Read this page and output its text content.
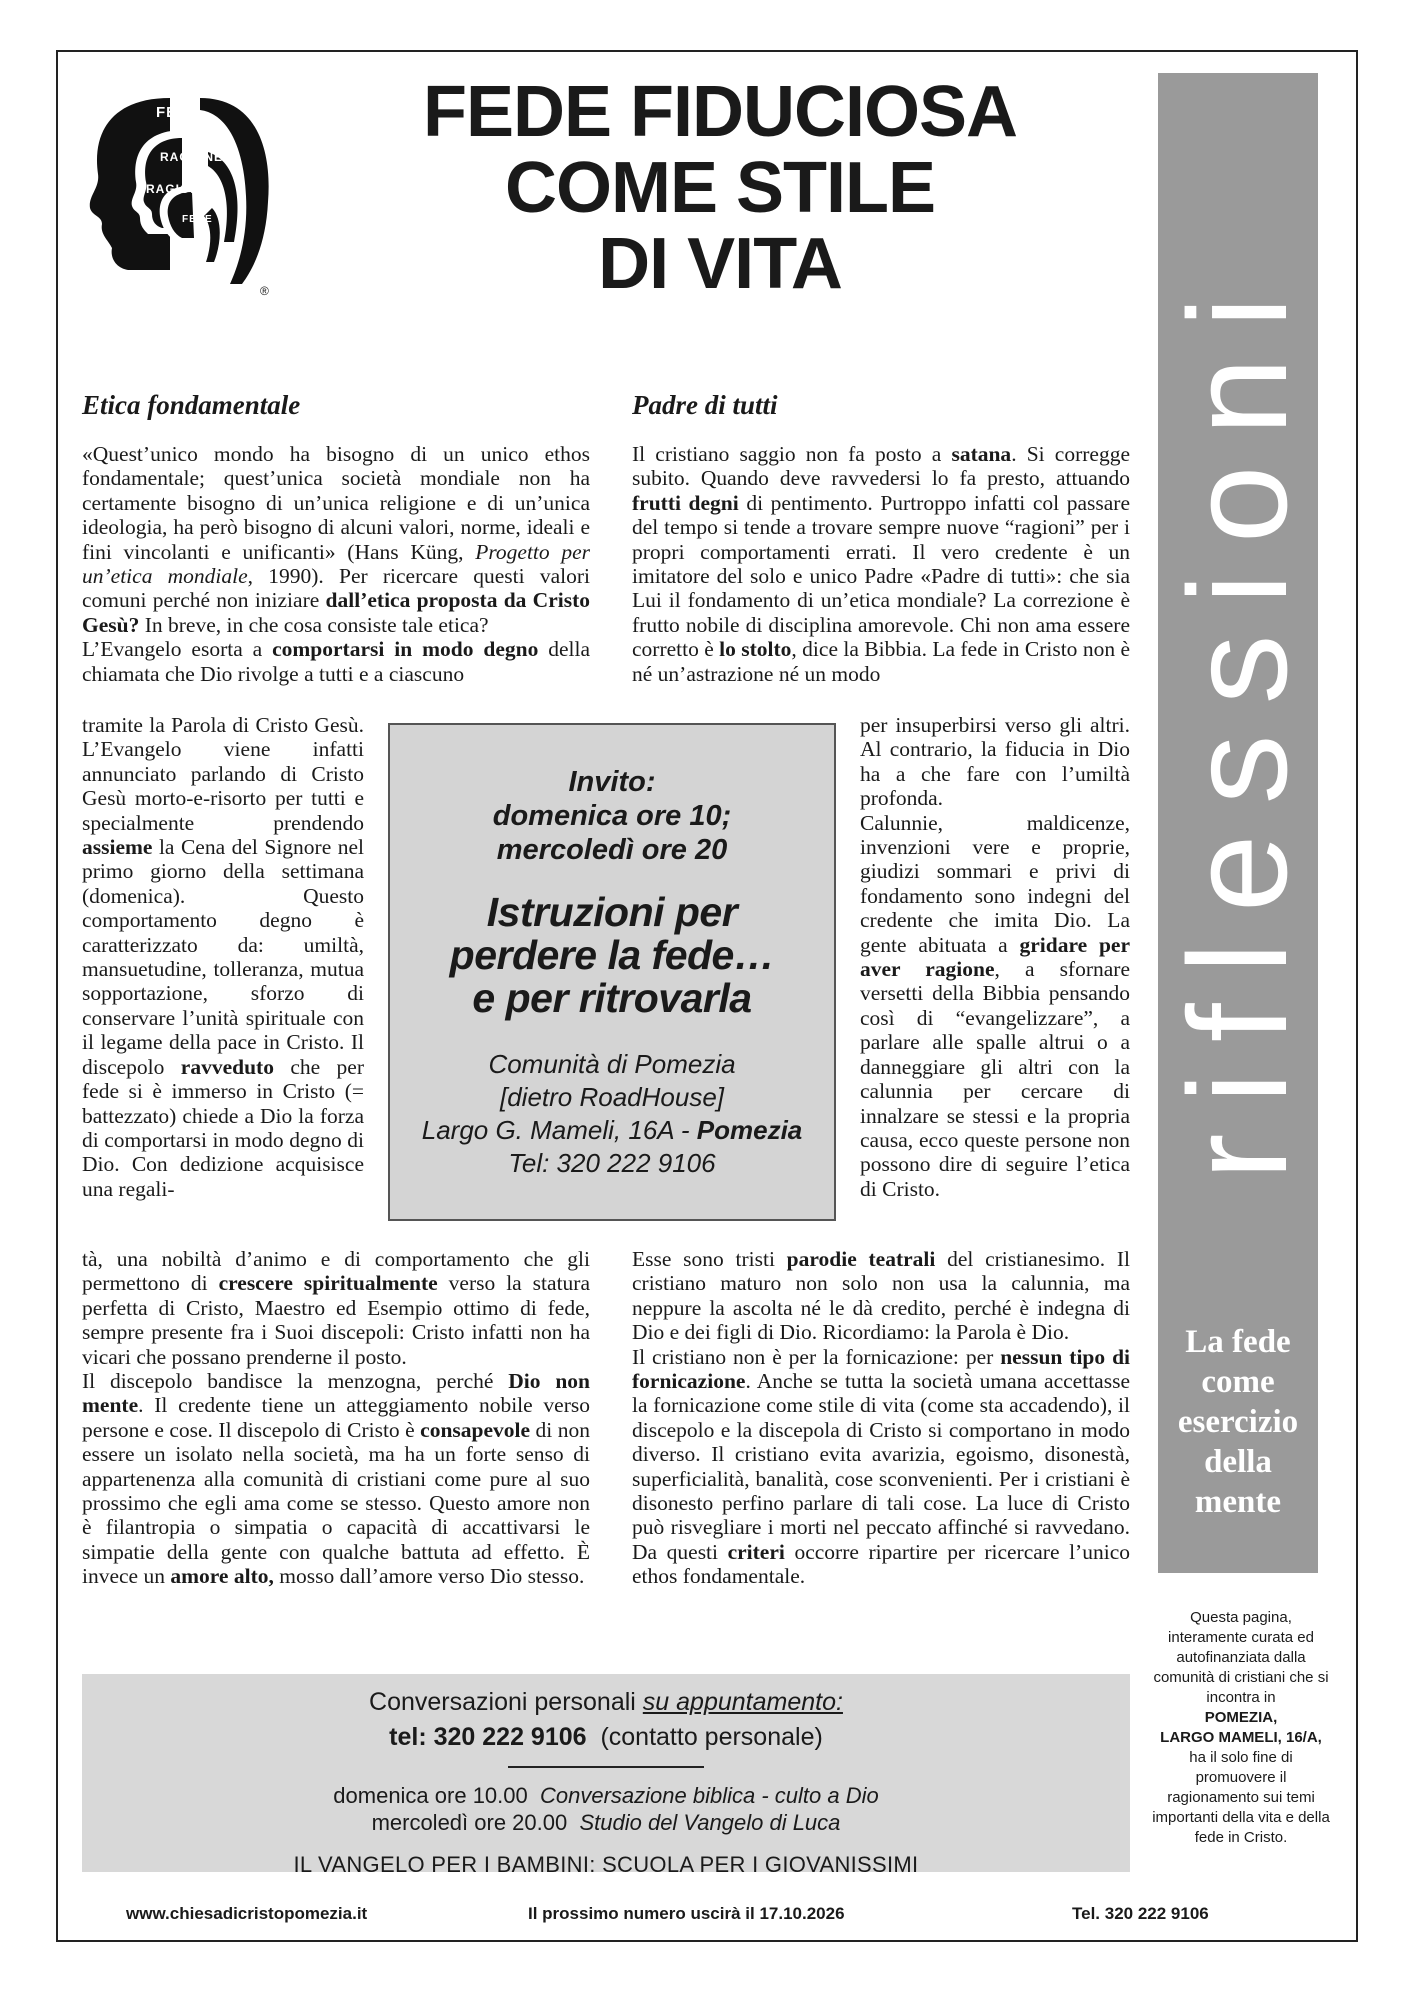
FEDE
RAGIONE
RAGIONE
FEDE
®
FEDE FIDUCIOSA
COME STILE
DI VITA
La fede
come
esercizio
della
mente
Etica fondamentale

«Quest’unico mondo ha bisogno di un unico ethos fondamentale; quest’unica società mondiale non ha certamente bisogno di un’unica religione e di un’unica ideologia, ha però bisogno di alcuni valori, norme, ideali e fini vincolanti e unificanti» (Hans Küng, Progetto per un’etica mondiale, 1990). Per ricercare questi valori comuni perché non iniziare dall’etica proposta da Cristo Gesù? In breve, in che cosa consiste tale etica?

L’Evangelo esorta a comportarsi in modo degno della chiamata che Dio rivolge a tutti e a ciascuno

tramite la Parola di Cristo Gesù. L’Evangelo viene infatti annunciato parlando di Cristo Gesù morto-e-risorto per tutti e specialmente prendendo assieme la Cena del Signore nel primo giorno della settimana (domenica). Questo comportamento degno è caratterizzato da: umiltà, mansuetudine, tolleranza, mutua sopportazione, sforzo di conservare l’unità spirituale con il legame della pace in Cristo. Il discepolo ravveduto che per fede si è immerso in Cristo (= battezzato) chiede a Dio la forza di comportarsi in modo degno di Dio. Con dedizione acquisisce una regali-

tà, una nobiltà d’animo e di comportamento che gli permettono di crescere spiritualmente verso la statura perfetta di Cristo, Maestro ed Esempio ottimo di fede, sempre presente fra i Suoi discepoli: Cristo infatti non ha vicari che possano prenderne il posto.

Il discepolo bandisce la menzogna, perché Dio non mente. Il credente tiene un atteggiamento nobile verso persone e cose. Il discepolo di Cristo è consapevole di non essere un isolato nella società, ma ha un forte senso di appartenenza alla comunità di cristiani come pure al suo prossimo che egli ama come se stesso. Questo amore non è filantropia o simpatia o capacità di accattivarsi le simpatie della gente con qualche battuta ad effetto. È invece un amore alto, mosso dall’amore verso Dio stesso.

Padre di tutti

Il cristiano saggio non fa posto a satana. Si corregge subito. Quando deve ravvedersi lo fa presto, attuando frutti degni di pentimento. Purtroppo infatti col passare del tempo si tende a trovare sempre nuove “ragioni” per i propri comportamenti errati. Il vero credente è un imitatore del solo e unico Padre «Padre di tutti»: che sia Lui il fondamento di un’etica mondiale? La correzione è frutto nobile di disciplina amorevole. Chi non ama essere corretto è lo stolto, dice la Bibbia. La fede in Cristo non è né un’astrazione né un modo

per insuperbirsi verso gli altri. Al contrario, la fiducia in Dio ha a che fare con l’umiltà profonda.

Calunnie, maldicenze, invenzioni vere e proprie, giudizi sommari e privi di fondamento sono indegni del credente che imita Dio. La gente abituata a gridare per aver ragione, a sfornare versetti della Bibbia pensando così di “evangelizzare”, a parlare alle spalle altrui o a danneggiare gli altri con la calunnia per cercare di innalzare se stessi e la propria causa, ecco queste persone non possono dire di seguire l’etica di Cristo.

Esse sono tristi parodie teatrali del cristianesimo. Il cristiano maturo non solo non usa la calunnia, ma neppure la ascolta né le dà credito, perché è indegna di Dio e dei figli di Dio. Ricordiamo: la Parola è Dio.

Il cristiano non è per la fornicazione: per nessun tipo di fornicazione. Anche se tutta la società umana accettasse la fornicazione come stile di vita (come sta accadendo), il discepolo e la discepola di Cristo si comportano in modo diverso. Il cristiano evita avarizia, egoismo, disonestà, superficialità, banalità, cose sconvenienti. Per i cristiani è disonesto perfino parlare di tali cose. La luce di Cristo può risvegliare i morti nel peccato affinché si ravvedano. Da questi criteri occorre ripartire per ricercare l’unico ethos fondamentale.

Invito:
domenica ore 10;
mercoledì ore 20
Istruzioni per
perdere la fede…
e per ritrovarla
Comunità di Pomezia
[dietro RoadHouse]
Largo G. Mameli, 16A - Pomezia
Tel: 320 222 9106
Conversazioni personali su appuntamento:
tel: 320 222 9106  (contatto personale)
domenica ore 10.00  Conversazione biblica - culto a Dio
mercoledì ore 20.00  Studio del Vangelo di Luca
IL VANGELO PER I BAMBINI: SCUOLA PER I GIOVANISSIMI
Questa pagina, interamente curata ed autofinanziata dalla comunità di cristiani che si incontra in
POMEZIA,
LARGO MAMELI, 16/A,
ha il solo fine di promuovere il ragionamento sui temi importanti della vita e della fede in Cristo.
www.chiesadicristopomezia.it	Il prossimo numero uscirà il 17.10.2026	Tel. 320 222 9106
